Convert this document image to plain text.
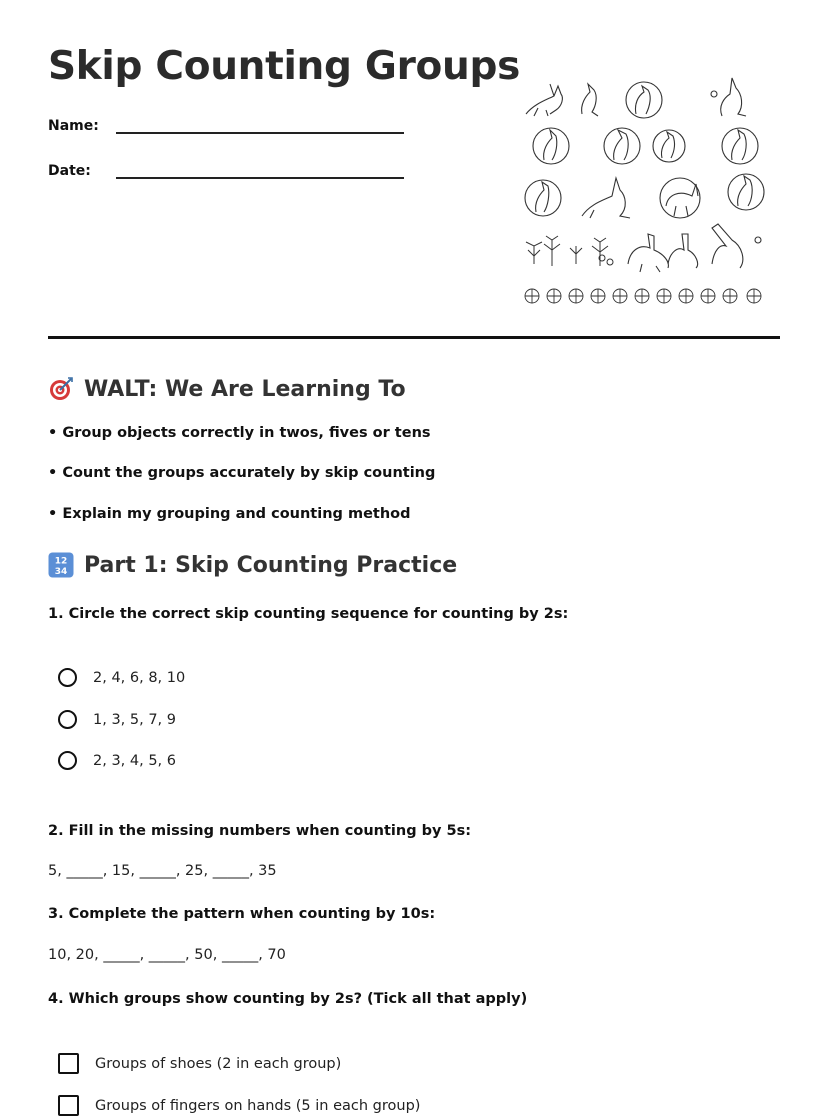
Skip Counting Groups
Name:
Date:
WALT: We Are Learning To
• Group objects correctly in twos, fives or tens
• Count the groups accurately by skip counting
• Explain my grouping and counting method
12
34 Part 1: Skip Counting Practice
1. Circle the correct skip counting sequence for counting by 2s:
2, 4, 6, 8, 10
1, 3, 5, 7, 9
2, 3, 4, 5, 6
2. Fill in the missing numbers when counting by 5s:
5, _____, 15, _____, 25, _____, 35
3. Complete the pattern when counting by 10s:
10, 20, _____, _____, 50, _____, 70
4. Which groups show counting by 2s? (Tick all that apply)
Groups of shoes (2 in each group)
Groups of fingers on hands (5 in each group)
